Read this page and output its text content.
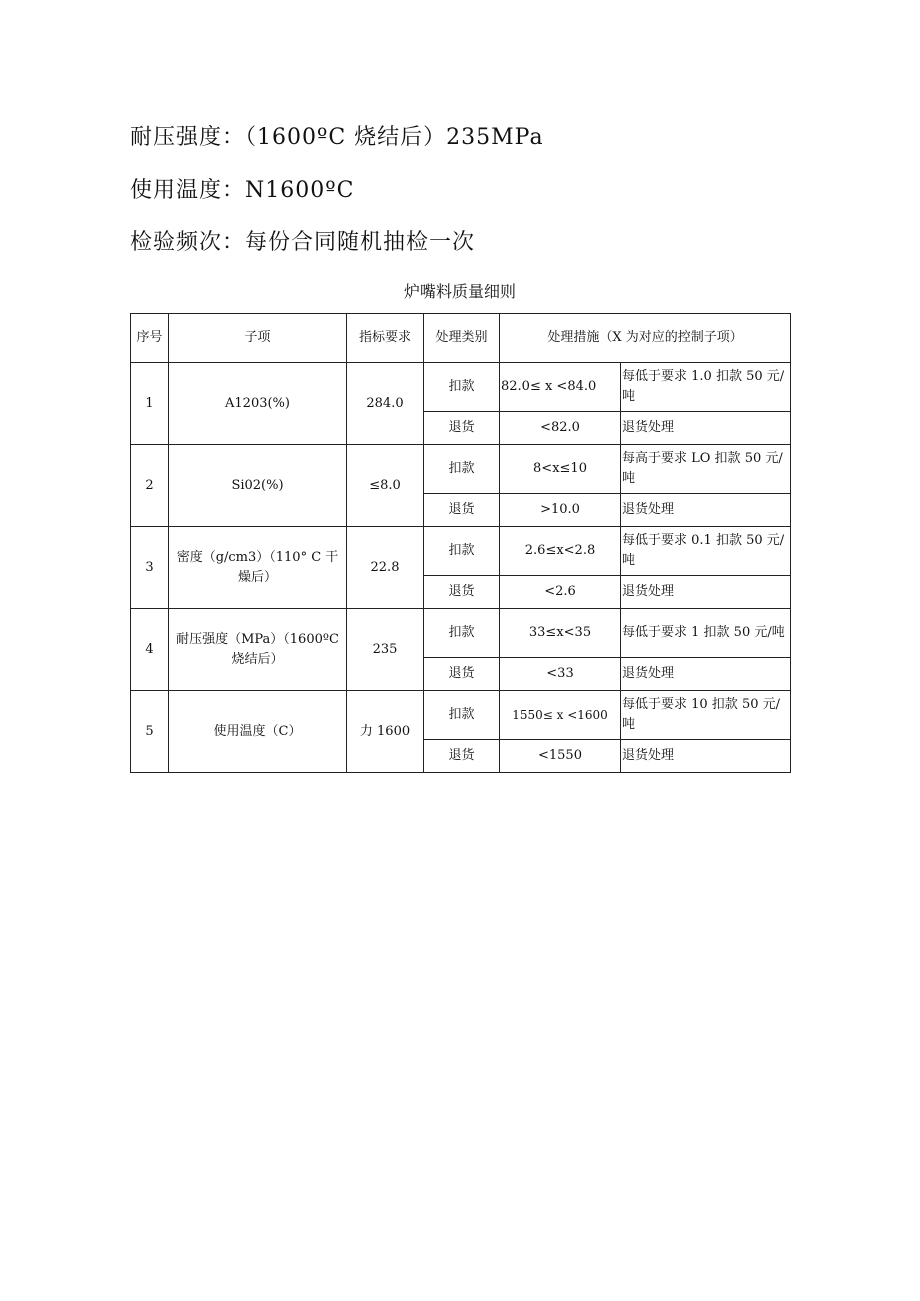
耐压强度：（1600ºC 烧结后）235MPa
使用温度：N1600ºC
检验频次：每份合同随机抽检一次
炉嘴料质量细则
序号	子项	指标要求	处理类别	处理措施（X 为对应的控制子项）	
1	A1203(%)	284.0	扣款	82.0≤ x <84.0	每低于要求 1.0 扣款 50 元/吨
			退货	<82.0	退货处理
2	Si02(%)	≤8.0	扣款	8<x≤10	每高于要求 LO 扣款 50 元/吨
			退货	>10.0	退货处理
3	密度（g/cm3）（110° C 干燥后）	22.8	扣款	2.6≤x<2.8	每低于要求 0.1 扣款 50 元/吨
			退货	<2.6	退货处理
4	耐压强度（MPa）（1600ºC 烧结后）	235	扣款	33≤x<35	每低于要求 1 扣款 50 元/吨
			退货	<33	退货处理
5	使用温度（C）	力 1600	扣款	1550≤ x <1600	每低于要求 10 扣款 50 元/吨
			退货	<1550	退货处理
